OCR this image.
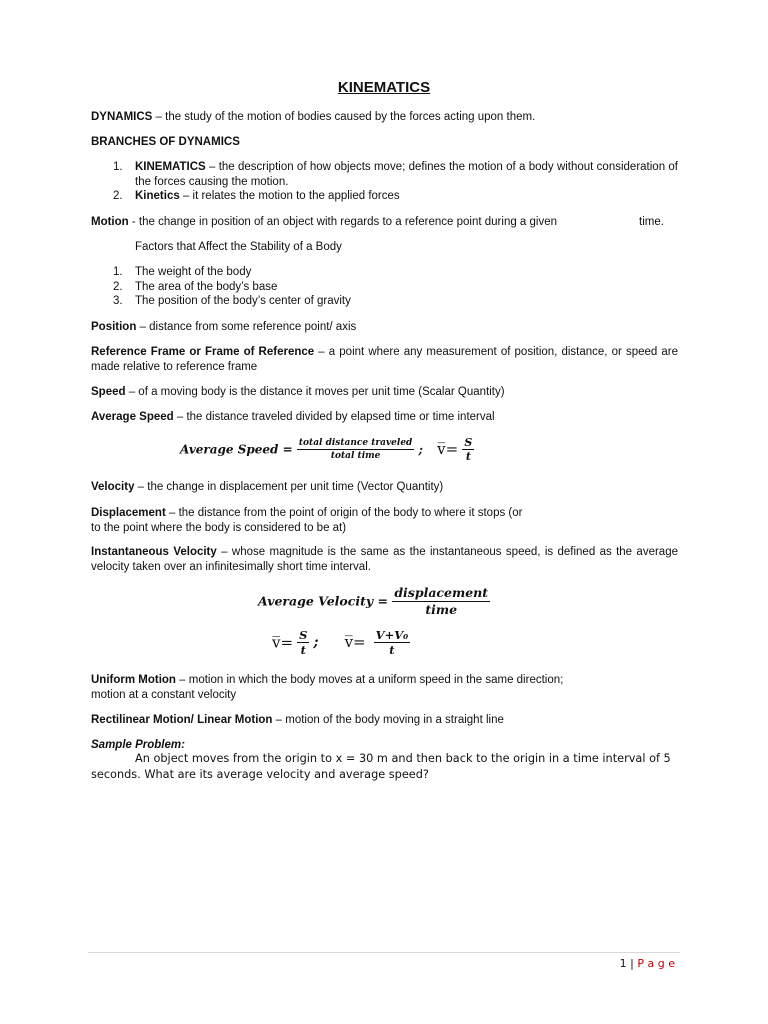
KINEMATICS

DYNAMICS – the study of the motion of bodies caused by the forces acting upon them.

BRANCHES OF DYNAMICS

1. KINEMATICS – the description of how objects move; defines the motion of a body without consideration of the forces causing the motion.
2. Kinetics – it relates the motion to the applied forces

Motion - the change in position of an object with regards to a reference point during a given	time.

Factors that Affect the Stability of a Body

1. The weight of the body
2. The area of the body’s base
3. The position of the body’s center of gravity

Position – distance from some reference point/ axis

Reference Frame or Frame of Reference – a point where any measurement of position, distance, or speed are made relative to reference frame

Speed – of a moving body is the distance it moves per unit time (Scalar Quantity)

Average Speed – the distance traveled divided by elapsed time or time interval

Average Speed = $\frac{\text{total distance traveled}}{\text{total time}}$ ; v̅= $\frac{S}{t}$

Velocity – the change in displacement per unit time (Vector Quantity)

Displacement – the distance from the point of origin of the body to where it stops (or
to the point where the body is considered to be at)

Instantaneous Velocity – whose magnitude is the same as the instantaneous speed, is defined as the average velocity taken over an infinitesimally short time interval.

Average Velocity = $\frac{\text{displacement}}{\text{time}}$
v̅= $\frac{S}{t}$ ; v̅= $\frac{\text{V+V₀}}{t}$

Uniform Motion – motion in which the body moves at a uniform speed in the same direction;
motion at a constant velocity

Rectilinear Motion/ Linear Motion – motion of the body moving in a straight line

Sample Problem:

An object moves from the origin to x = 30 m and then back to the origin in a time interval of 5 seconds. What are its average velocity and average speed?

1 | P a g e
